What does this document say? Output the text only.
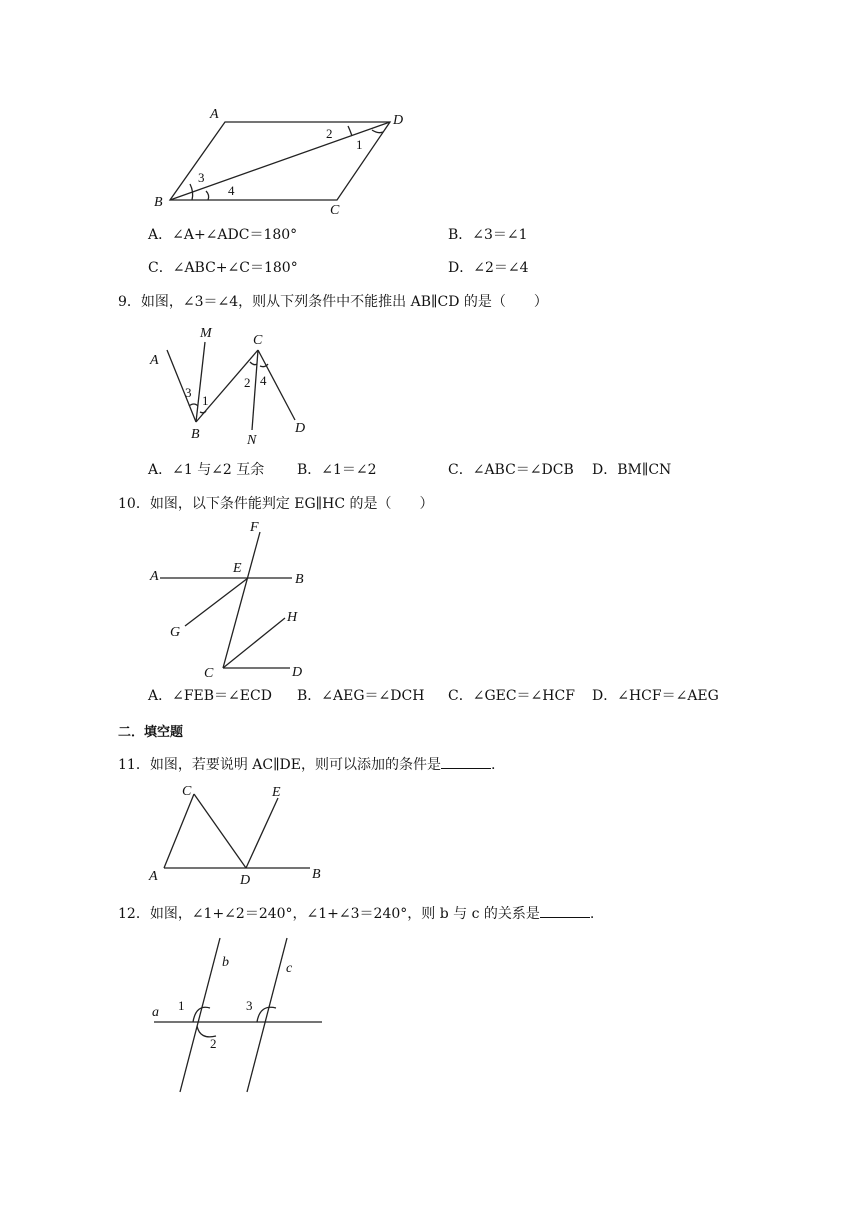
A	D
B
C
2
1
3
4
A．∠A+∠ADC＝180°	B．∠3＝∠1
C．∠ABC+∠C＝180°	D．∠2＝∠4
9．如图，∠3＝∠4，则从下列条件中不能推出 AB∥CD 的是（　　）
A
M	C
B	N
D
3
1
2 4
A．∠1 与∠2 互余 B．∠1＝∠2	C．∠ABC＝∠DCB D．BM∥CN
10．如图，以下条件能判定 EG∥HC 的是（　　）
F
A
E
B
G
H
C	D
A．∠FEB＝∠ECD B．∠AEG＝∠DCH C．∠GEC＝∠HCF D．∠HCF＝∠AEG
二．填空题
11．如图，若要说明 AC∥DE，则可以添加的条件是	.
C	E
A	D	B
12．如图，∠1+∠2＝240°，∠1+∠3＝240°，则 b 与 c 的关系是	.
a
b	c
1
2
3
